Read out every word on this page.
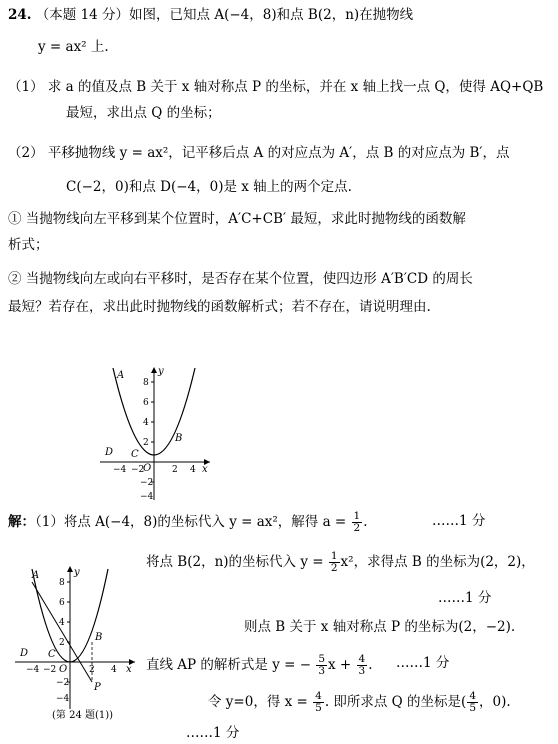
24. （本题 14 分）如图，已知点 A(−4，8)和点 B(2，n)在抛物线
y = ax² 上.
（1） 求 a 的值及点 B 关于 x 轴对称点 P 的坐标，并在 x 轴上找一点 Q，使得 AQ+QB
最短，求出点 Q 的坐标；
（2） 平移抛物线 y = ax²，记平移后点 A 的对应点为 A′，点 B 的对应点为 B′，点
C(−2，0)和点 D(−4，0)是 x 轴上的两个定点.
① 当抛物线向左平移到某个位置时，A′C+CB′ 最短，求此时抛物线的函数解
析式；
② 当抛物线向左或向右平移时，是否存在某个位置，使四边形 A′B′CD 的周长
最短？若存在，求出此时抛物线的函数解析式；若不存在，请说明理由.
A
B
C
D
O
y
x
8
6
4
2
−2
−4
−4 −2	2 4
解：（1）将点 A(−4，8)的坐标代入 y = ax²，解得 $a = \frac{1}{2}$ .	……1 分
A
B
C
D
O
y
x
P
8
6
4
2
−2
−4
−4 −2	2 4
(第 24 题(1))
将点 B(2，n)的坐标代入 $y = \frac{1}{2} x^2$，求得点 B 的坐标为(2，2)，
……1 分
则点 B 关于 x 轴对称点 P 的坐标为(2，−2).
直线 AP 的解析式是 y = − $\frac{5}{3}$ $x + \frac{4}{3}$ . ……1 分
令 y=0，得 $x = \frac{4}{5}$ . 即所求点 Q 的坐标是( $\frac{4}{5}$ ，0).
……1 分
